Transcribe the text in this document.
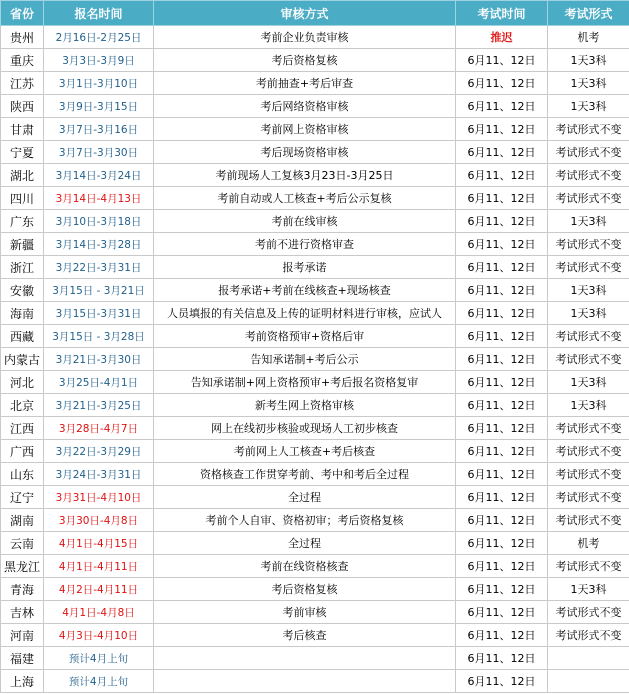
省份	报名时间	审核方式	考试时间	考试形式
贵州	2月16日-2月25日	考前企业负责审核	推迟	机考
重庆	3月3日-3月9日	考后资格复核	6月11、12日	1天3科
江苏	3月1日-3月10日	考前抽查+考后审查	6月11、12日	1天3科
陕西	3月9日-3月15日	考后网络资格审核	6月11、12日	1天3科
甘肃	3月7日-3月16日	考前网上资格审核	6月11、12日	考试形式不变
宁夏	3月7日-3月30日	考后现场资格审核	6月11、12日	考试形式不变
湖北	3月14日-3月24日	考前现场人工复核3月23日-3月25日	6月11、12日	考试形式不变
四川	3月14日-4月13日	考前自动或人工核查+考后公示复核	6月11、12日	考试形式不变
广东	3月10日-3月18日	考前在线审核	6月11、12日	1天3科
新疆	3月14日-3月28日	考前不进行资格审查	6月11、12日	考试形式不变
浙江	3月22日-3月31日	报考承诺	6月11、12日	考试形式不变
安徽	3月15日 - 3月21日	报考承诺+考前在线核查+现场核查	6月11、12日	1天3科
海南	3月15日-3月31日	人员填报的有关信息及上传的证明材料进行审核，应试人	6月11、12日	1天3科
西藏	3月15日 - 3月28日	考前资格预审+资格后审	6月11、12日	考试形式不变
内蒙古	3月21日-3月30日	告知承诺制+考后公示	6月11、12日	考试形式不变
河北	3月25日-4月1日	告知承诺制+网上资格预审+考后报名资格复审	6月11、12日	1天3科
北京	3月21日-3月25日	新考生网上资格审核	6月11、12日	1天3科
江西	3月28日-4月7日	网上在线初步核验或现场人工初步核查	6月11、12日	考试形式不变
广西	3月22日-3月29日	考前网上人工核查+考后核查	6月11、12日	考试形式不变
山东	3月24日-3月31日	资格核查工作贯穿考前、考中和考后全过程	6月11、12日	考试形式不变
辽宁	3月31日-4月10日	全过程	6月11、12日	考试形式不变
湖南	3月30日-4月8日	考前个人自审、资格初审；考后资格复核	6月11、12日	考试形式不变
云南	4月1日-4月15日	全过程	6月11、12日	机考
黑龙江	4月1日-4月11日	考前在线资格核查	6月11、12日	考试形式不变
青海	4月2日-4月11日	考后资格复核	6月11、12日	1天3科
吉林	4月1日-4月8日	考前审核	6月11、12日	考试形式不变
河南	4月3日-4月10日	考后核查	6月11、12日	考试形式不变
福建	预计4月上旬		6月11、12日	
上海	预计4月上旬		6月11、12日	
